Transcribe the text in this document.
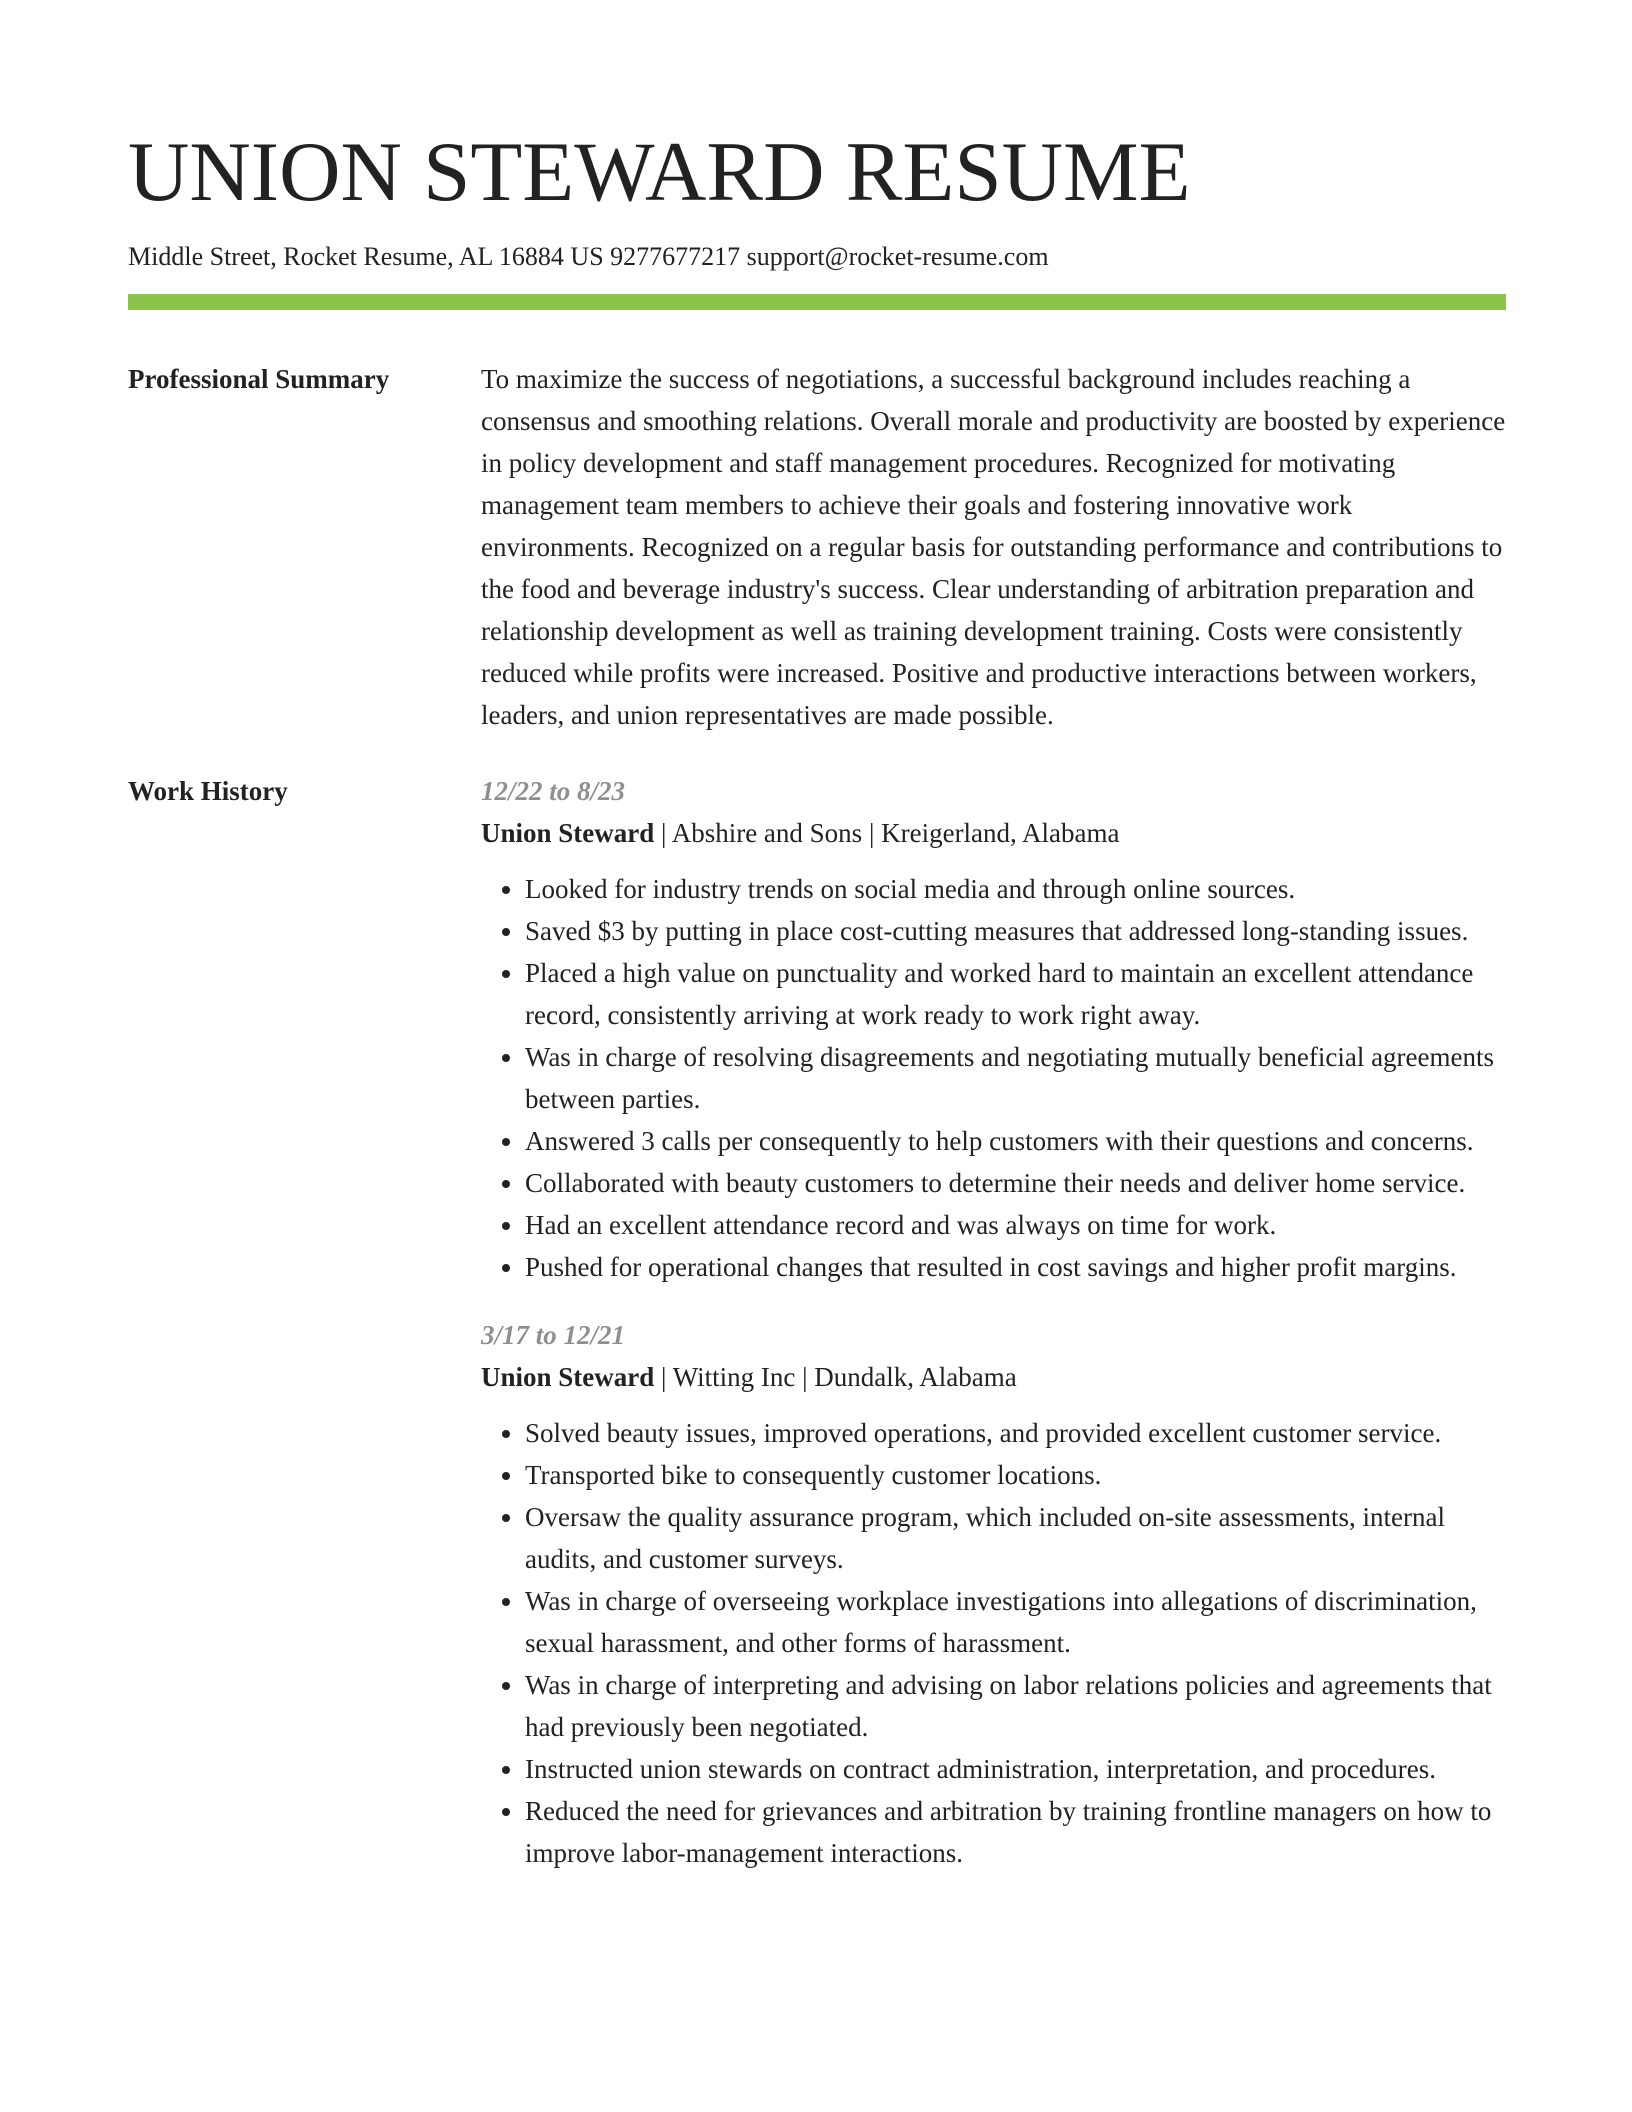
UNION STEWARD RESUME
Middle Street, Rocket Resume, AL 16884 US 9277677217 support@rocket-resume.com
Professional Summary	To maximize the success of negotiations, a successful background includes reaching a consensus and smoothing relations. Overall morale and productivity are boosted by experience in policy development and staff management procedures. Recognized for motivating management team members to achieve their goals and fostering innovative work environments. Recognized on a regular basis for outstanding performance and contributions to the food and beverage industry's success. Clear understanding of arbitration preparation and relationship development as well as training development training. Costs were consistently reduced while profits were increased. Positive and productive interactions between workers, leaders, and union representatives are made possible.

Work History	12/22 to 8/23
Union Steward | Abshire and Sons | Kreigerland, Alabama
• Looked for industry trends on social media and through online sources.
• Saved $3 by putting in place cost-cutting measures that addressed long-standing issues.
• Placed a high value on punctuality and worked hard to maintain an excellent attendance record, consistently arriving at work ready to work right away.
• Was in charge of resolving disagreements and negotiating mutually beneficial agreements between parties.
• Answered 3 calls per consequently to help customers with their questions and concerns.
• Collaborated with beauty customers to determine their needs and deliver home service.
• Had an excellent attendance record and was always on time for work.
• Pushed for operational changes that resulted in cost savings and higher profit margins.
3/17 to 12/21
Union Steward | Witting Inc | Dundalk, Alabama
• Solved beauty issues, improved operations, and provided excellent customer service.
• Transported bike to consequently customer locations.
• Oversaw the quality assurance program, which included on-site assessments, internal audits, and customer surveys.
• Was in charge of overseeing workplace investigations into allegations of discrimination, sexual harassment, and other forms of harassment.
• Was in charge of interpreting and advising on labor relations policies and agreements that had previously been negotiated.
• Instructed union stewards on contract administration, interpretation, and procedures.
• Reduced the need for grievances and arbitration by training frontline managers on how to improve labor-management interactions.
